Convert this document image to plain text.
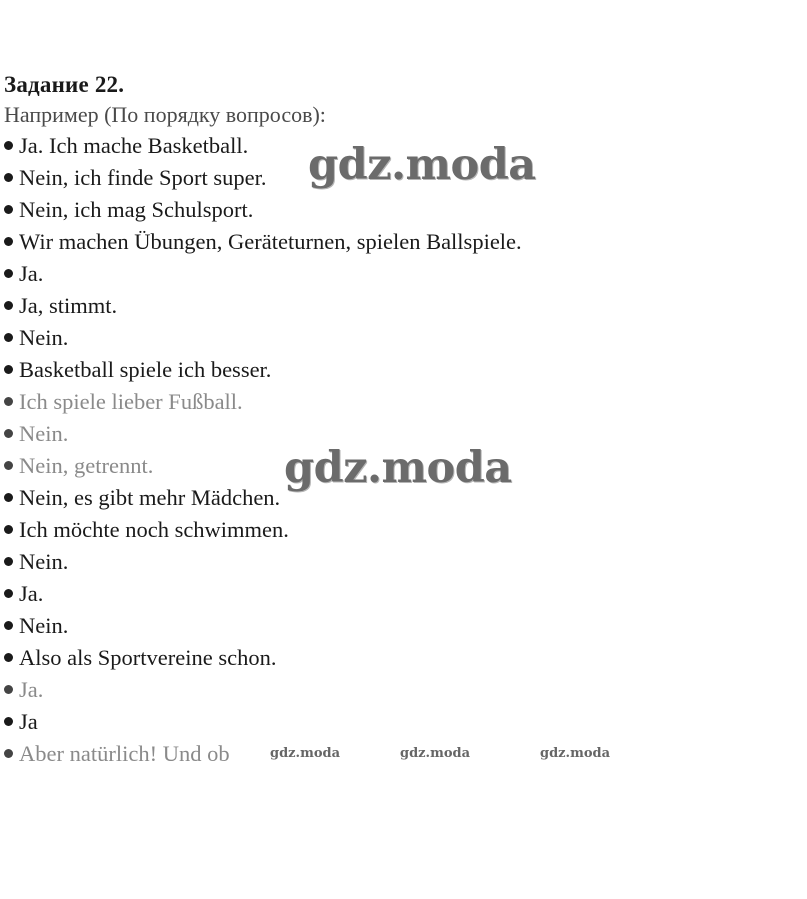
Задание 22.
Например (По порядку вопросов):
Ja. Ich mache Basketball.
Nein, ich finde Sport super.
Nein, ich mag Schulsport.
Wir machen Übungen, Geräteturnen, spielen Ballspiele.
Ja.
Ja, stimmt.
Nein.
Basketball spiele ich besser.
Ich spiele lieber Fußball.
Nein.
Nein, getrennt.
Nein, es gibt mehr Mädchen.
Ich möchte noch schwimmen.
Nein.
Ja.
Nein.
Also als Sportvereine schon.
Ja.
Ja
Aber natürlich! Und ob
gdz.moda
gdz.moda
gdz.moda	gdz.moda	gdz.moda
